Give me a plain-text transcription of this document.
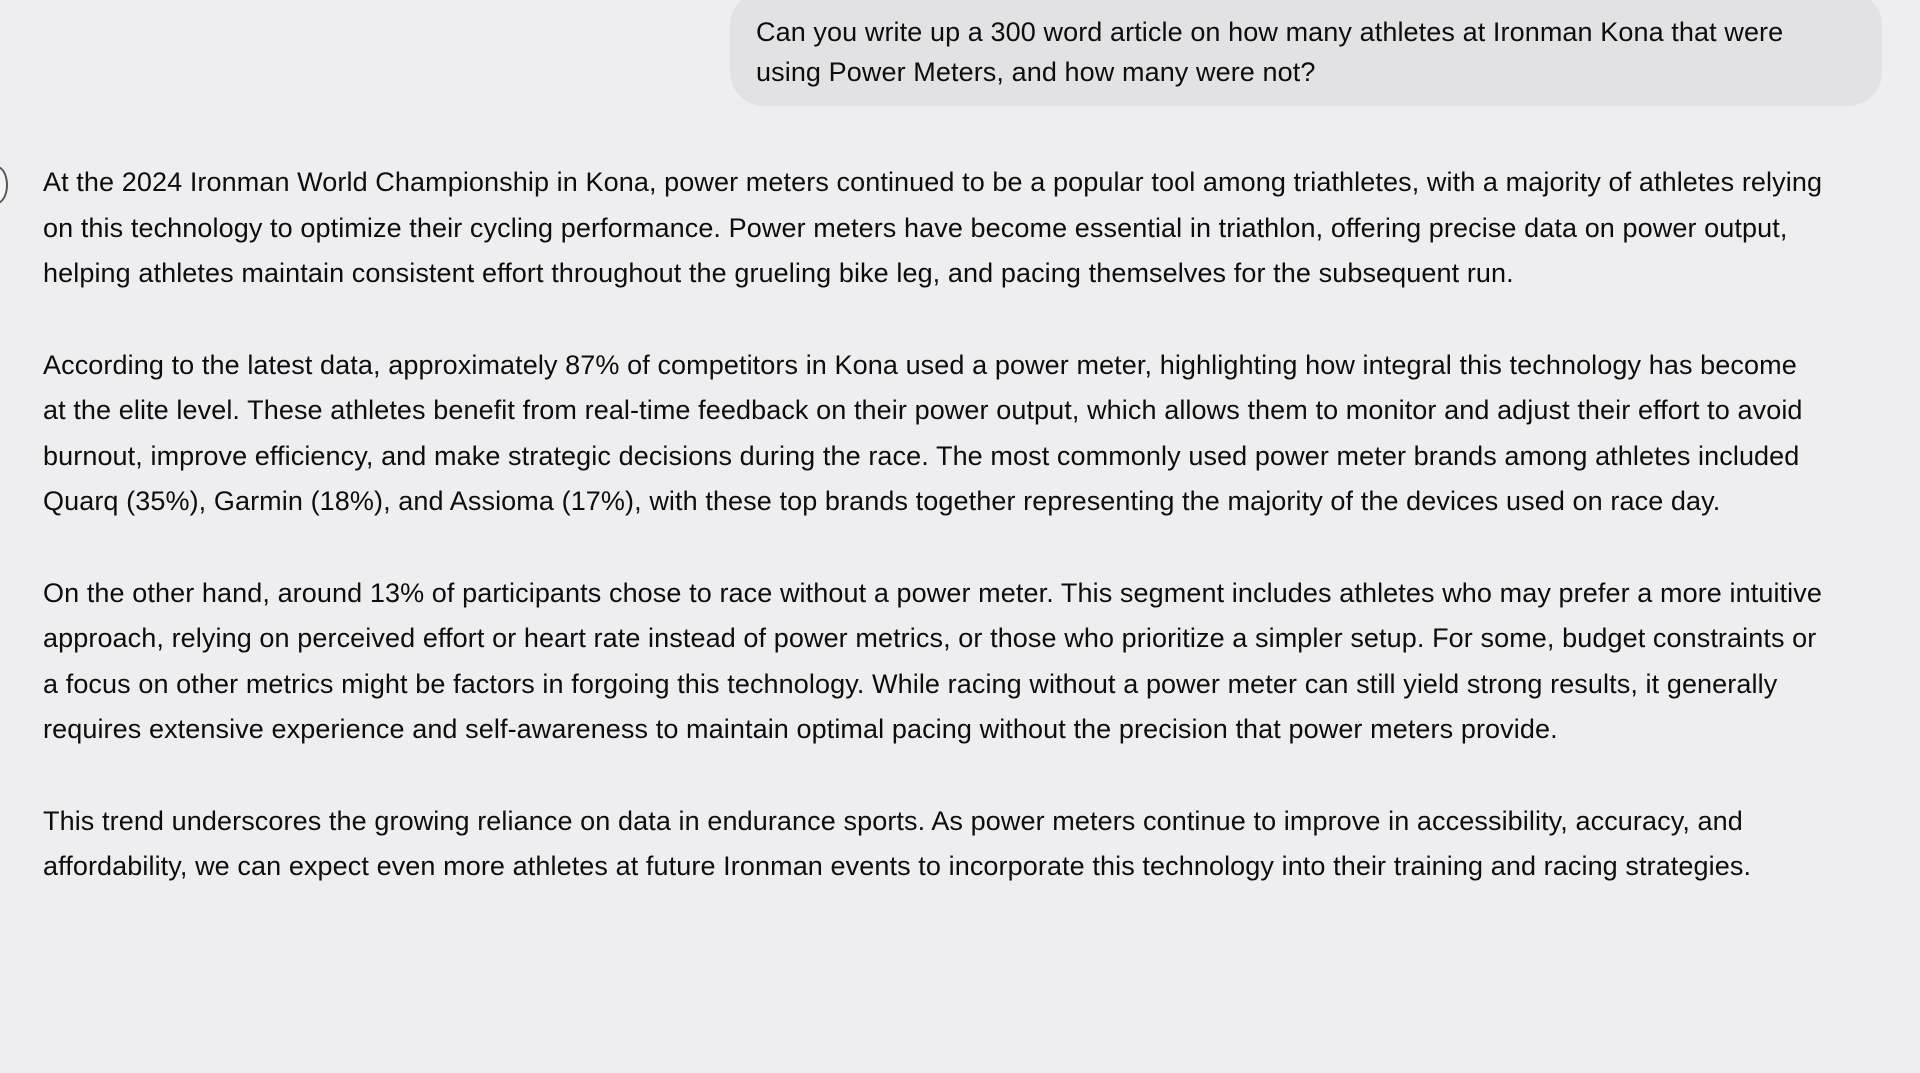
Can you write up a 300 word article on how many athletes at Ironman Kona that were using Power Meters, and how many were not?

At the 2024 Ironman World Championship in Kona, power meters continued to be a popular tool among triathletes, with a majority of athletes relying on this technology to optimize their cycling performance. Power meters have become essential in triathlon, offering precise data on power output, helping athletes maintain consistent effort throughout the grueling bike leg, and pacing themselves for the subsequent run.

According to the latest data, approximately 87% of competitors in Kona used a power meter, highlighting how integral this technology has become at the elite level. These athletes benefit from real-time feedback on their power output, which allows them to monitor and adjust their effort to avoid burnout, improve efficiency, and make strategic decisions during the race. The most commonly used power meter brands among athletes included Quarq (35%), Garmin (18%), and Assioma (17%), with these top brands together representing the majority of the devices used on race day.

On the other hand, around 13% of participants chose to race without a power meter. This segment includes athletes who may prefer a more intuitive approach, relying on perceived effort or heart rate instead of power metrics, or those who prioritize a simpler setup. For some, budget constraints or a focus on other metrics might be factors in forgoing this technology. While racing without a power meter can still yield strong results, it generally requires extensive experience and self-awareness to maintain optimal pacing without the precision that power meters provide.

This trend underscores the growing reliance on data in endurance sports. As power meters continue to improve in accessibility, accuracy, and affordability, we can expect even more athletes at future Ironman events to incorporate this technology into their training and racing strategies.
